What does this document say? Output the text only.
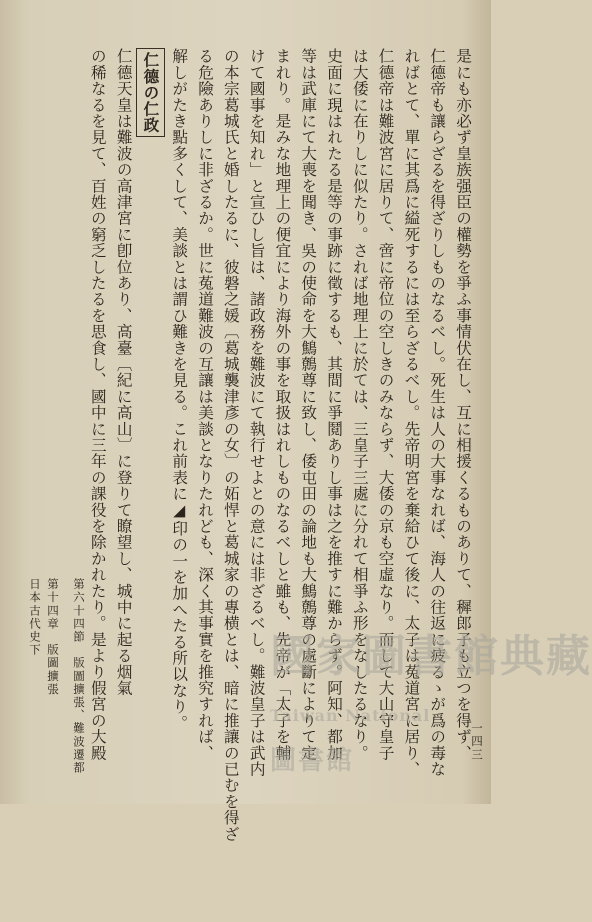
是にも亦必ず皇族强臣の權勢を爭ふ事情伏在し、互に相援くるものありて、穉郎子も立つを得ず、
仁德帝も讓らざるを得ざりしものなるべし。死生は人の大事なれば、海人の往返に疲るゝが爲の毒な
ればとて、單に其爲に縊死するには至らざるべし。先帝明宮を棄給ひて後に、太子は菟道宮に居り、
仁德帝は難波宮に居りて、啻に帝位の空しきのみならず、大倭の京も空虛なり。而して大山守皇子
は大倭に在りしに似たり。されば地理上に於ては、三皇子三處に分れて相爭ふ形をなしたるなり。
史面に現はれたる是等の事跡に徵するも、其間に爭鬩ありし事は之を推すに難からず。阿知、都加
等は武庫にて大喪を聞き、吳の使命を大鷦鷯尊に致し、倭屯田の論地も大鷦鷯尊の處斷によりて定
まれり。是みな地理上の便宜により海外の事を取扱はれしものなるべしと雖も、先帝が「太子を輔
けて國事を知れ」と宣ひし旨は、諸政務を難波にて執行せよとの意には非ざるべし。難波皇子は武内
の本宗葛城氏と婚したるに、彼磐之媛〔葛城襲津彥の女〕の妬悍と葛城家の專横とは、暗に推讓の已むを得ざ
る危險ありしに非ざるか。世に菟道難波の互讓は美談となりたれども、深く其事實を推究すれば、
解しがたき點多くして、美談とは謂ひ難きを見る。これ前表に◢印の一を加へたる所以なり。
仁德の仁政
仁德天皇は難波の高津宮に卽位あり、高臺〔紀に高山〕に登りて瞭望し、城中に起る烟氣
の稀なるを見て、百姓の窮乏したるを思食し、國中に三年の課役を除かれたり。是より假宮の大殿
日本古代史下 第十四章　版圖擴張 第六十四節　版圖擴張、難波遷都	一四三
國家圖書館典藏
Taiwan National
圖書館
